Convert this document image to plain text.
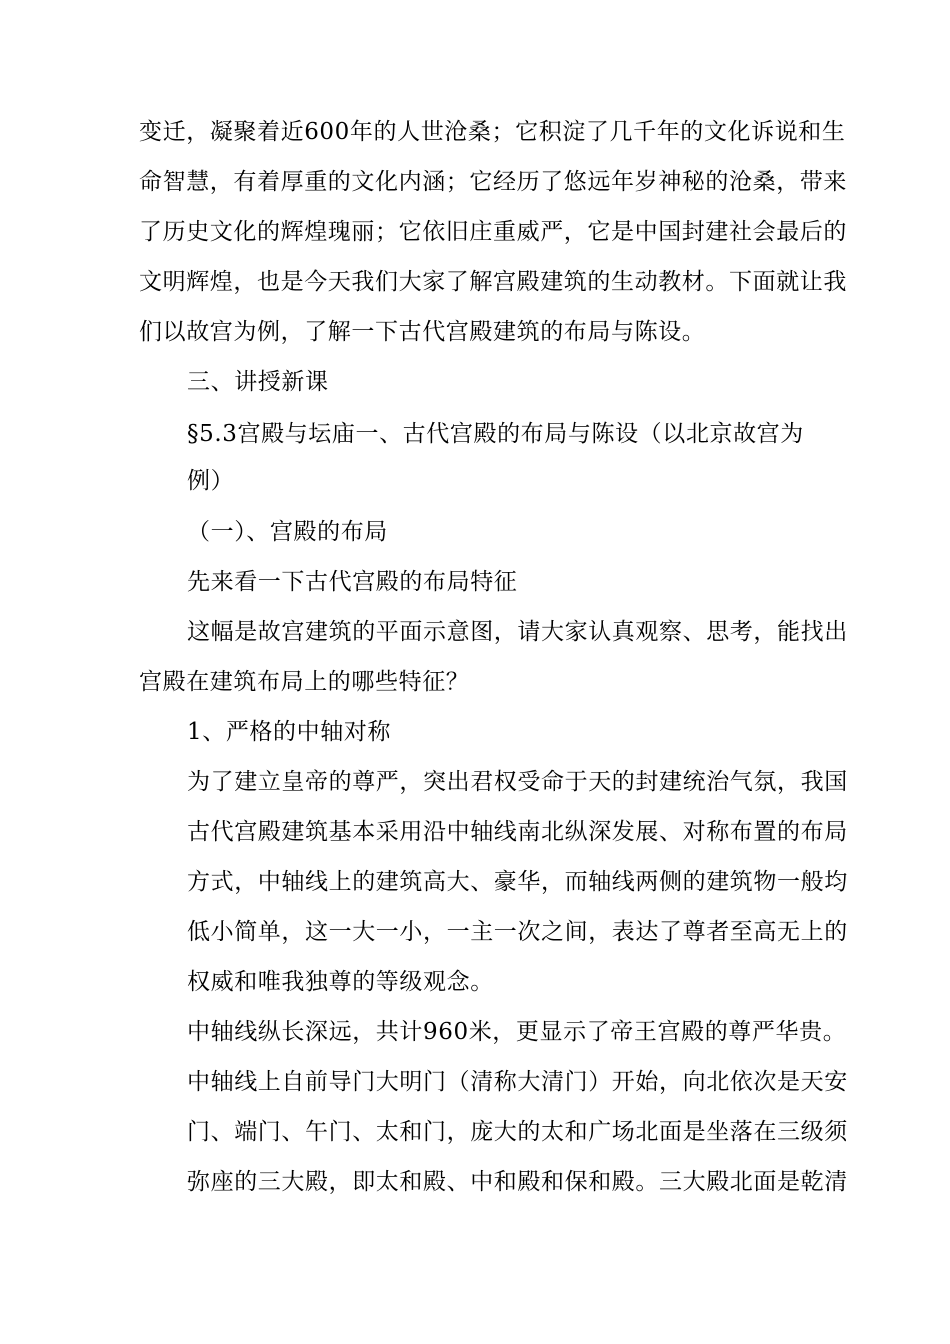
变迁，凝聚着近600年的人世沧桑；它积淀了几千年的文化诉说和生
命智慧，有着厚重的文化内涵；它经历了悠远年岁神秘的沧桑，带来
了历史文化的辉煌瑰丽；它依旧庄重威严，它是中国封建社会最后的
文明辉煌，也是今天我们大家了解宫殿建筑的生动教材。下面就让我
们以故宫为例，了解一下古代宫殿建筑的布局与陈设。
三、讲授新课
§5.3宫殿与坛庙一、古代宫殿的布局与陈设（以北京故宫为
例）
（一）、宫殿的布局
先来看一下古代宫殿的布局特征
这幅是故宫建筑的平面示意图，请大家认真观察、思考，能找出
宫殿在建筑布局上的哪些特征？
1、严格的中轴对称
为了建立皇帝的尊严，突出君权受命于天的封建统治气氛，我国
古代宫殿建筑基本采用沿中轴线南北纵深发展、对称布置的布局
方式，中轴线上的建筑高大、豪华，而轴线两侧的建筑物一般均
低小简单，这一大一小，一主一次之间，表达了尊者至高无上的
权威和唯我独尊的等级观念。
中轴线纵长深远，共计960米，更显示了帝王宫殿的尊严华贵。
中轴线上自前导门大明门（清称大清门）开始，向北依次是天安
门、端门、午门、太和门，庞大的太和广场北面是坐落在三级须
弥座的三大殿，即太和殿、中和殿和保和殿。三大殿北面是乾清
